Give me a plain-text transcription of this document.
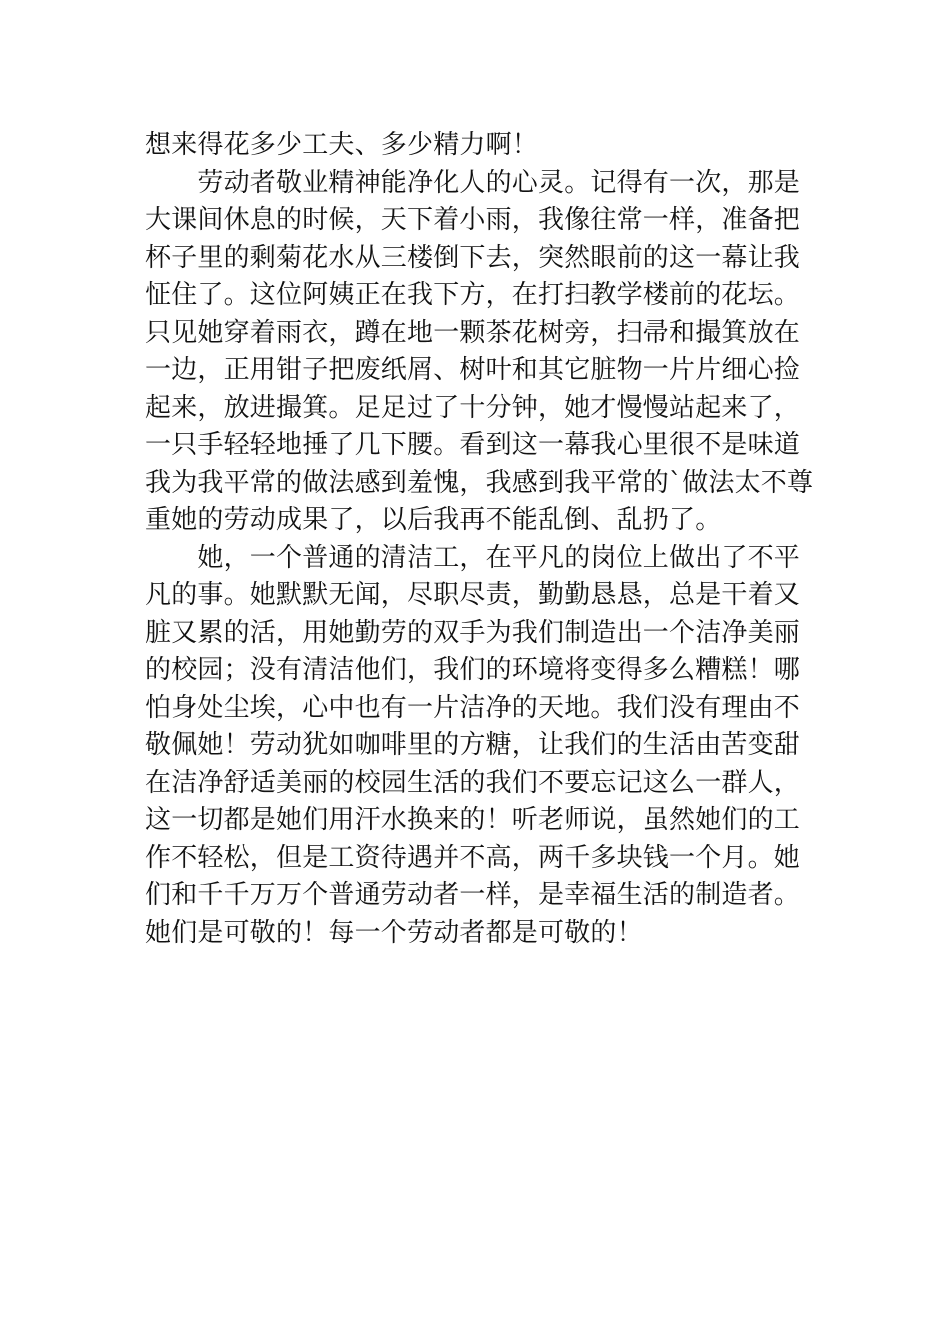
想来得花多少工夫、多少精力啊！
　　劳动者敬业精神能净化人的心灵。记得有一次，那是
大课间休息的时候，天下着小雨，我像往常一样，准备把
杯子里的剩菊花水从三楼倒下去，突然眼前的这一幕让我
怔住了。这位阿姨正在我下方，在打扫教学楼前的花坛。
只见她穿着雨衣，蹲在地一颗茶花树旁，扫帚和撮箕放在
一边，正用钳子把废纸屑、树叶和其它脏物一片片细心捡
起来，放进撮箕。足足过了十分钟，她才慢慢站起来了，
一只手轻轻地捶了几下腰。看到这一幕我心里很不是味道
我为我平常的做法感到羞愧，我感到我平常的`做法太不尊
重她的劳动成果了，以后我再不能乱倒、乱扔了。
　　她，一个普通的清洁工，在平凡的岗位上做出了不平
凡的事。她默默无闻，尽职尽责，勤勤恳恳，总是干着又
脏又累的活，用她勤劳的双手为我们制造出一个洁净美丽
的校园；没有清洁他们，我们的环境将变得多么糟糕！哪
怕身处尘埃，心中也有一片洁净的天地。我们没有理由不
敬佩她！劳动犹如咖啡里的方糖，让我们的生活由苦变甜
在洁净舒适美丽的校园生活的我们不要忘记这么一群人，
这一切都是她们用汗水换来的！听老师说，虽然她们的工
作不轻松，但是工资待遇并不高，两千多块钱一个月。她
们和千千万万个普通劳动者一样，是幸福生活的制造者。
她们是可敬的！每一个劳动者都是可敬的！
